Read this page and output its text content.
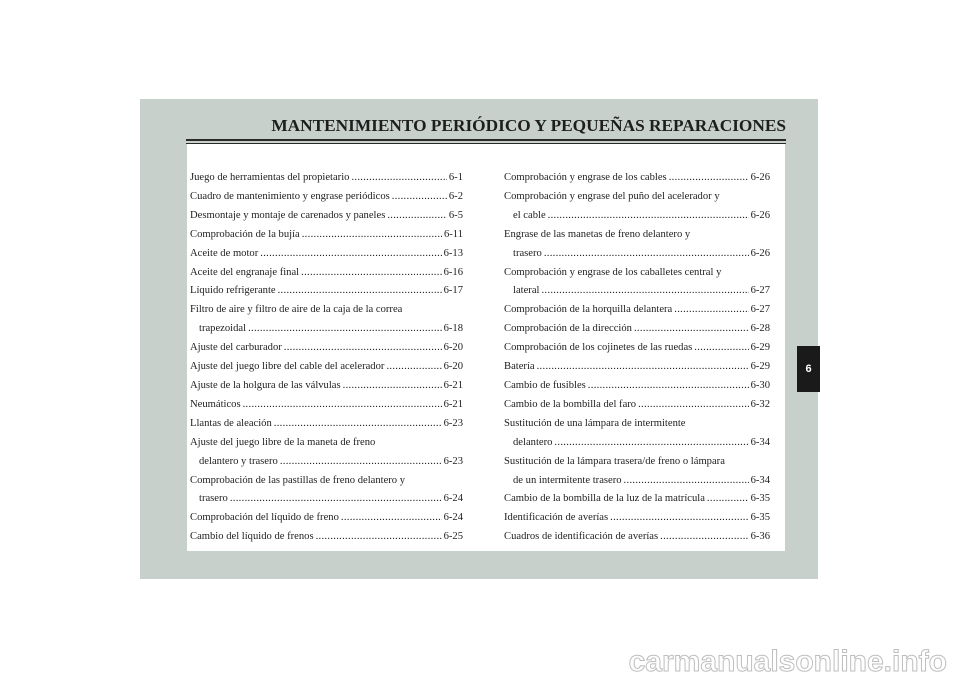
MANTENIMIENTO PERIÓDICO Y PEQUEÑAS REPARACIONES
6
Juego de herramientas del propietario .....	6-1
Cuadro de mantenimiento y engrase periódicos .....	6-2
Desmontaje y montaje de carenados y paneles .....	6-5
Comprobación de la bujía .....	6-11
Aceite de motor .....	6-13
Aceite del engranaje final .....	6-16
Líquido refrigerante .....	6-17
Filtro de aire y filtro de aire de la caja de la correa
trapezoidal .....	6-18
Ajuste del carburador .....	6-20
Ajuste del juego libre del cable del acelerador .....	6-20
Ajuste de la holgura de las válvulas .....	6-21
Neumáticos .....	6-21
Llantas de aleación .....	6-23
Ajuste del juego libre de la maneta de freno
delantero y trasero .....	6-23
Comprobación de las pastillas de freno delantero y
trasero .....	6-24
Comprobación del líquido de freno .....	6-24
Cambio del líquido de frenos .....	6-25
Comprobación y engrase de los cables .....	6-26
Comprobación y engrase del puño del acelerador y
el cable .....	6-26
Engrase de las manetas de freno delantero y
trasero .....	6-26
Comprobación y engrase de los caballetes central y
lateral .....	6-27
Comprobación de la horquilla delantera .....	6-27
Comprobación de la dirección .....	6-28
Comprobación de los cojinetes de las ruedas .....	6-29
Batería .....	6-29
Cambio de fusibles .....	6-30
Cambio de la bombilla del faro .....	6-32
Sustitución de una lámpara de intermitente
delantero .....	6-34
Sustitución de la lámpara trasera/de freno o lámpara
de un intermitente trasero .....	6-34
Cambio de la bombilla de la luz de la matrícula .....	6-35
Identificación de averías .....	6-35
Cuadros de identificación de averías .....	6-36
carmanualsonline.info
